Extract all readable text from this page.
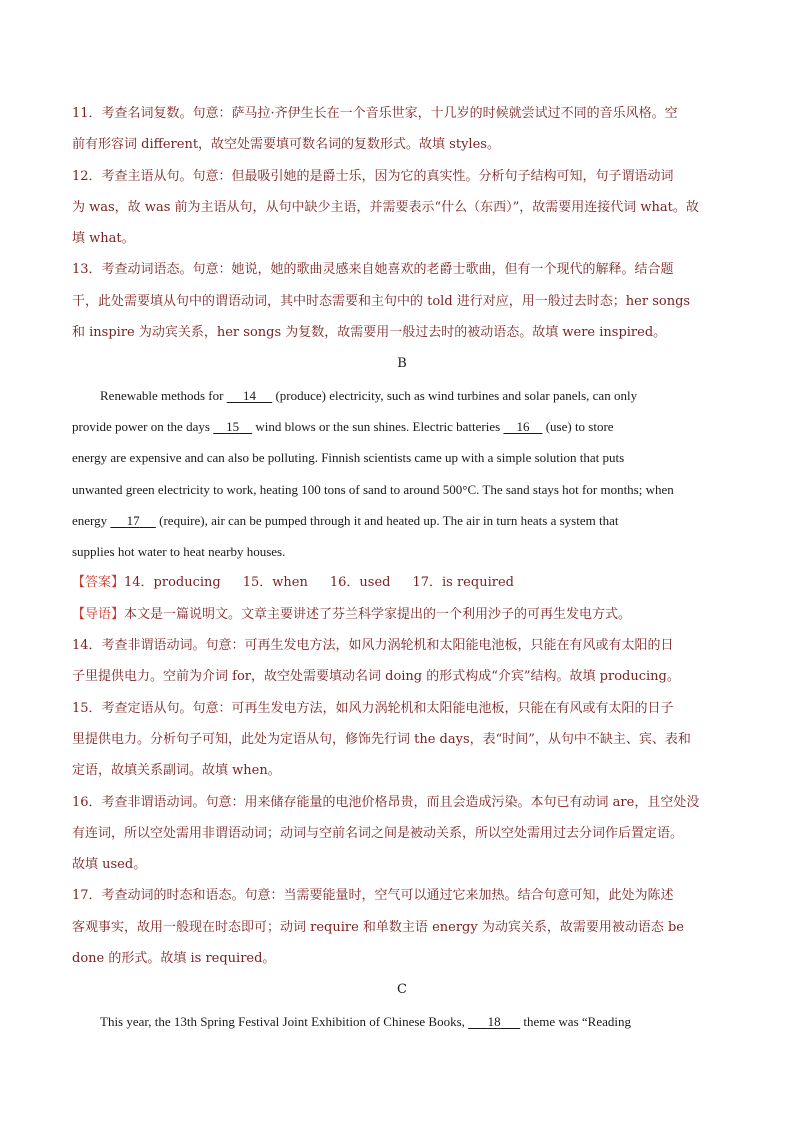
11．考查名词复数。句意：萨马拉·齐伊生长在一个音乐世家，十几岁的时候就尝试过不同的音乐风格。空
前有形容词 different，故空处需要填可数名词的复数形式。故填 styles。
12．考查主语从句。句意：但最吸引她的是爵士乐，因为它的真实性。分析句子结构可知，句子谓语动词
为 was，故 was 前为主语从句，从句中缺少主语，并需要表示“什么（东西）”，故需要用连接代词 what。故
填 what。
13．考查动词语态。句意：她说，她的歌曲灵感来自她喜欢的老爵士歌曲，但有一个现代的解释。结合题
干，此处需要填从句中的谓语动词，其中时态需要和主句中的 told 进行对应，用一般过去时态；her songs
和 inspire 为动宾关系，her songs 为复数，故需要用一般过去时的被动语态。故填 were inspired。
B
Renewable methods for      14      (produce) electricity, such as wind turbines and solar panels, can only
provide power on the days     15     wind blows or the sun shines. Electric batteries     16     (use) to store
energy are expensive and can also be polluting. Finnish scientists came up with a simple solution that puts
unwanted green electricity to work, heating 100 tons of sand to around 500°C. The sand stays hot for months; when
energy      17      (require), air can be pumped through it and heated up. The air in turn heats a system that
supplies hot water to heat nearby houses.
【答案】14．producing 15．when 16．used 17．is required
【导语】本文是一篇说明文。文章主要讲述了芬兰科学家提出的一个利用沙子的可再生发电方式。
14．考查非谓语动词。句意：可再生发电方法，如风力涡轮机和太阳能电池板，只能在有风或有太阳的日
子里提供电力。空前为介词 for，故空处需要填动名词 doing 的形式构成“介宾”结构。故填 producing。
15．考查定语从句。句意：可再生发电方法，如风力涡轮机和太阳能电池板，只能在有风或有太阳的日子
里提供电力。分析句子可知，此处为定语从句，修饰先行词 the days，表“时间”，从句中不缺主、宾、表和
定语，故填关系副词。故填 when。
16．考查非谓语动词。句意：用来储存能量的电池价格昂贵，而且会造成污染。本句已有动词 are，且空处没
有连词，所以空处需用非谓语动词；动词与空前名词之间是被动关系，所以空处需用过去分词作后置定语。
故填 used。
17．考查动词的时态和语态。句意：当需要能量时，空气可以通过它来加热。结合句意可知，此处为陈述
客观事实，故用一般现在时态即可；动词 require 和单数主语 energy 为动宾关系，故需要用被动语态 be
done 的形式。故填 is required。
C
This year, the 13th Spring Festival Joint Exhibition of Chinese Books,       18       theme was “Reading
